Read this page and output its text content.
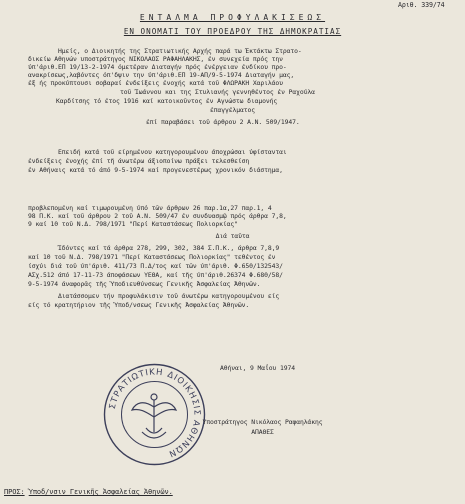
Αριθ. 339/74
ΕΝΤΑΛΜΑ ΠΡΟΦΥΛΑΚΙΣΕΩΣ
ΕΝ ΟΝΟΜΑΤΙ ΤΟΥ ΠΡΟΕΔΡΟΥ ΤΗΣ ΔΗΜΟΚΡΑΤΙΑΣ
Ημείς, ο Διοικητής της Στρατιωτικής Αρχής παρά τω Έκτάκτω Στρατο-
δικείω Αθηνών υποστράτηγος ΝΙΚΟΛΑΟΣ ΡΑΦΑΗΛΑΚΗΣ, έν συνεχεία πρός την
ύπ'άριθ.ΕΠ 19/13-2-1974 όμετέραν Διαταγήν πρός ένέργειαν ένδίκου προ-
ανακρίσεως,λαβόντες όπ'δψιν την ύπ'άριθ.ΕΠ 19-ΑΠ/9-5-1974 Διαταγήν μας,
έξ ής προκύπτουσι σοβαραί ένδείξεις ένοχής κατά τοῦ ΦΛΩΡΑΚΗ Χαριλάου
τοῦ Ἰωάννου και της Στυλιανής γεννηθέντος έν Ραχούλα
Καρδίτσης τό έτος 1916 καί κατοικοῦντος έν Αγνώστω διαμονής
έπαγγέλματος
έπί παραβάσει τοῦ άρθρου 2 Α.Ν. 509/1947.
Επειδή κατά τοῦ είρημένου κατηγορουμένου άποχρώσαι ύφίστανται
ένδείξεις ένοχής έπί τῆ άνωτέρω άξιοποίνω πράξει τελεσθείση
έν Αθήναις κατά τό άπό 9-5-1974 καί προγενεστέρως χρονικόν διάστημα,
προβλεπομένη καί τιμωρουμένη ύπό τῶν άρθρων 26 παρ.1α,27 παρ.1, 4
98 Π.Κ. καί τοῦ άρθρου 2 τοῦ Α.Ν. 509/47 έν συνδυασμῷ πρός άρθρα 7,8,
9 καί 10 τοῦ Ν.Δ. 798/1971 "Περί Καταστάσεως Πολιορκίας"
Διά ταῦτα
Ἰδόντες καί τά άρθρα 278, 299, 302, 384 Σ.Π.Κ., άρθρα 7,8,9
καί 10 τοῦ Ν.Δ. 798/1971 "Περί Καταστάσεως Πολιορκίας" τεθέντος έν
ίσχύι διά τοῦ ύπ'άριθ. 411/73 Π.Δ/τος καί τῶν ύπ'άριθ. Φ.650/132543/
ΑΣχ.512 άπό 17-11-73 άποφάσεων ΥΕΘΑ, καί τῆς ύπ'άριθ.26374 Φ.680/58/
9-5-1974 άναφορᾶς τῆς Ὑποδιευθύνσεως Γενικῆς Ἀσφαλείας Ἀθηνῶν.
Διατάσσομεν τήν προφυλάκισιν τοῦ άνωτέρω κατηγορουμένου είς
είς τό κρατητήριον τῆς Ὑποδ/νσεως Γενικῆς Ἀσφαλείας Ἀθηνῶν.
Αθήναι, 9 Μαΐου 1974
ΣΤΡΑΤΙΩΤΙΚΗ ΔΙΟΙΚΗΣΙΣ ΑΘΗΝΩΝ
Υποστράτηγος Νικόλαος Ραφαηλάκης
ΑΠΑΘΕΣ
ΠΡΟΣ: Ὑποδ/νσιν Γενικῆς Ἀσφαλείας Ἀθηνῶν.
